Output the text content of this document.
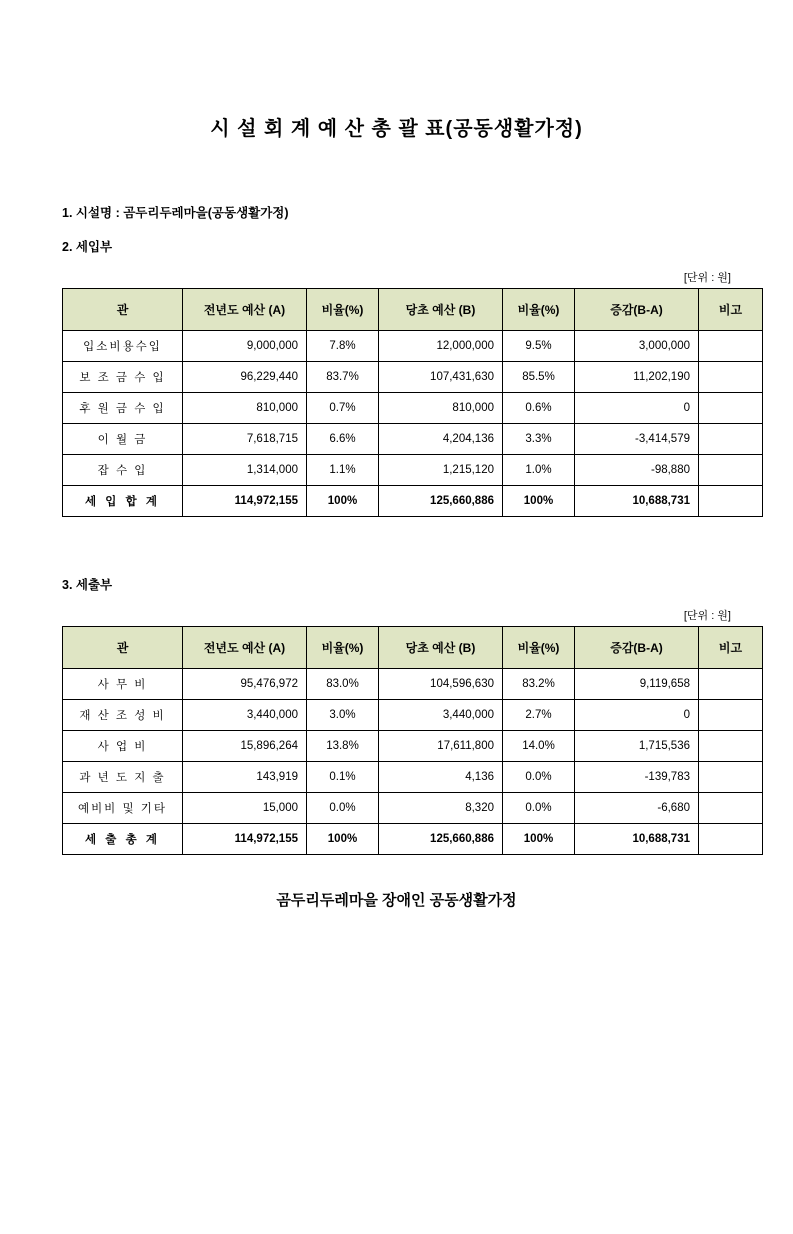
시 설 회 계 예 산 총 괄 표(공동생활가정)
1. 시설명 : 곰두리두레마을(공동생활가정)
2. 세입부
[단위 : 원]
관	전년도 예산 (A)	비율(%)	당초 예산 (B)	비율(%)	증감(B-A)	비고
입소비용수입	9,000,000	7.8%	12,000,000	9.5%	3,000,000	
보 조 금 수 입	96,229,440	83.7%	107,431,630	85.5%	11,202,190	
후 원 금 수 입	810,000	0.7%	810,000	0.6%	0	
이 월 금	7,618,715	6.6%	4,204,136	3.3%	-3,414,579	
잡 수 입	1,314,000	1.1%	1,215,120	1.0%	-98,880	
세 입 합 계	114,972,155	100%	125,660,886	100%	10,688,731	
3. 세출부
[단위 : 원]
관	전년도 예산 (A)	비율(%)	당초 예산 (B)	비율(%)	증감(B-A)	비고
사 무 비	95,476,972	83.0%	104,596,630	83.2%	9,119,658	
재 산 조 성 비	3,440,000	3.0%	3,440,000	2.7%	0	
사 업 비	15,896,264	13.8%	17,611,800	14.0%	1,715,536	
과 년 도 지 출	143,919	0.1%	4,136	0.0%	-139,783	
예비비 및 기타	15,000	0.0%	8,320	0.0%	-6,680	
세 출 총 계	114,972,155	100%	125,660,886	100%	10,688,731	
곰두리두레마을 장애인 공동생활가정
